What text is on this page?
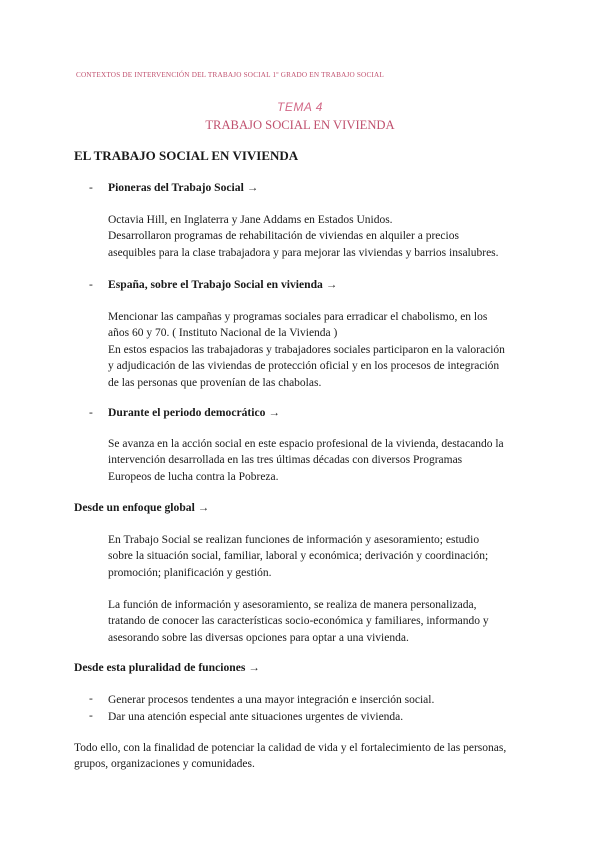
CONTEXTOS DE INTERVENCIÓN DEL TRABAJO SOCIAL 1º GRADO EN TRABAJO SOCIAL
TEMA 4
TRABAJO SOCIAL EN VIVIENDA
EL TRABAJO SOCIAL EN VIVIENDA
- Pioneras del Trabajo Social →
Octavia Hill, en Inglaterra y Jane Addams en Estados Unidos.
Desarrollaron programas de rehabilitación de viviendas en alquiler a precios
asequibles para la clase trabajadora y para mejorar las viviendas y barrios insalubres.
- España, sobre el Trabajo Social en vivienda →
Mencionar las campañas y programas sociales para erradicar el chabolismo, en los
años 60 y 70. ( Instituto Nacional de la Vivienda )
En estos espacios las trabajadoras y trabajadores sociales participaron en la valoración
y adjudicación de las viviendas de protección oficial y en los procesos de integración
de las personas que provenían de las chabolas.
- Durante el periodo democrático →
Se avanza en la acción social en este espacio profesional de la vivienda, destacando la
intervención desarrollada en las tres últimas décadas con diversos Programas
Europeos de lucha contra la Pobreza.
Desde un enfoque global →
En Trabajo Social se realizan funciones de información y asesoramiento; estudio
sobre la situación social, familiar, laboral y económica; derivación y coordinación;
promoción; planificación y gestión.
La función de información y asesoramiento, se realiza de manera personalizada,
tratando de conocer las características socio-económica y familiares, informando y
asesorando sobre las diversas opciones para optar a una vivienda.
Desde esta pluralidad de funciones →
- Generar procesos tendentes a una mayor integración e inserción social.
- Dar una atención especial ante situaciones urgentes de vivienda.
Todo ello, con la finalidad de potenciar la calidad de vida y el fortalecimiento de las personas,
grupos, organizaciones y comunidades.
